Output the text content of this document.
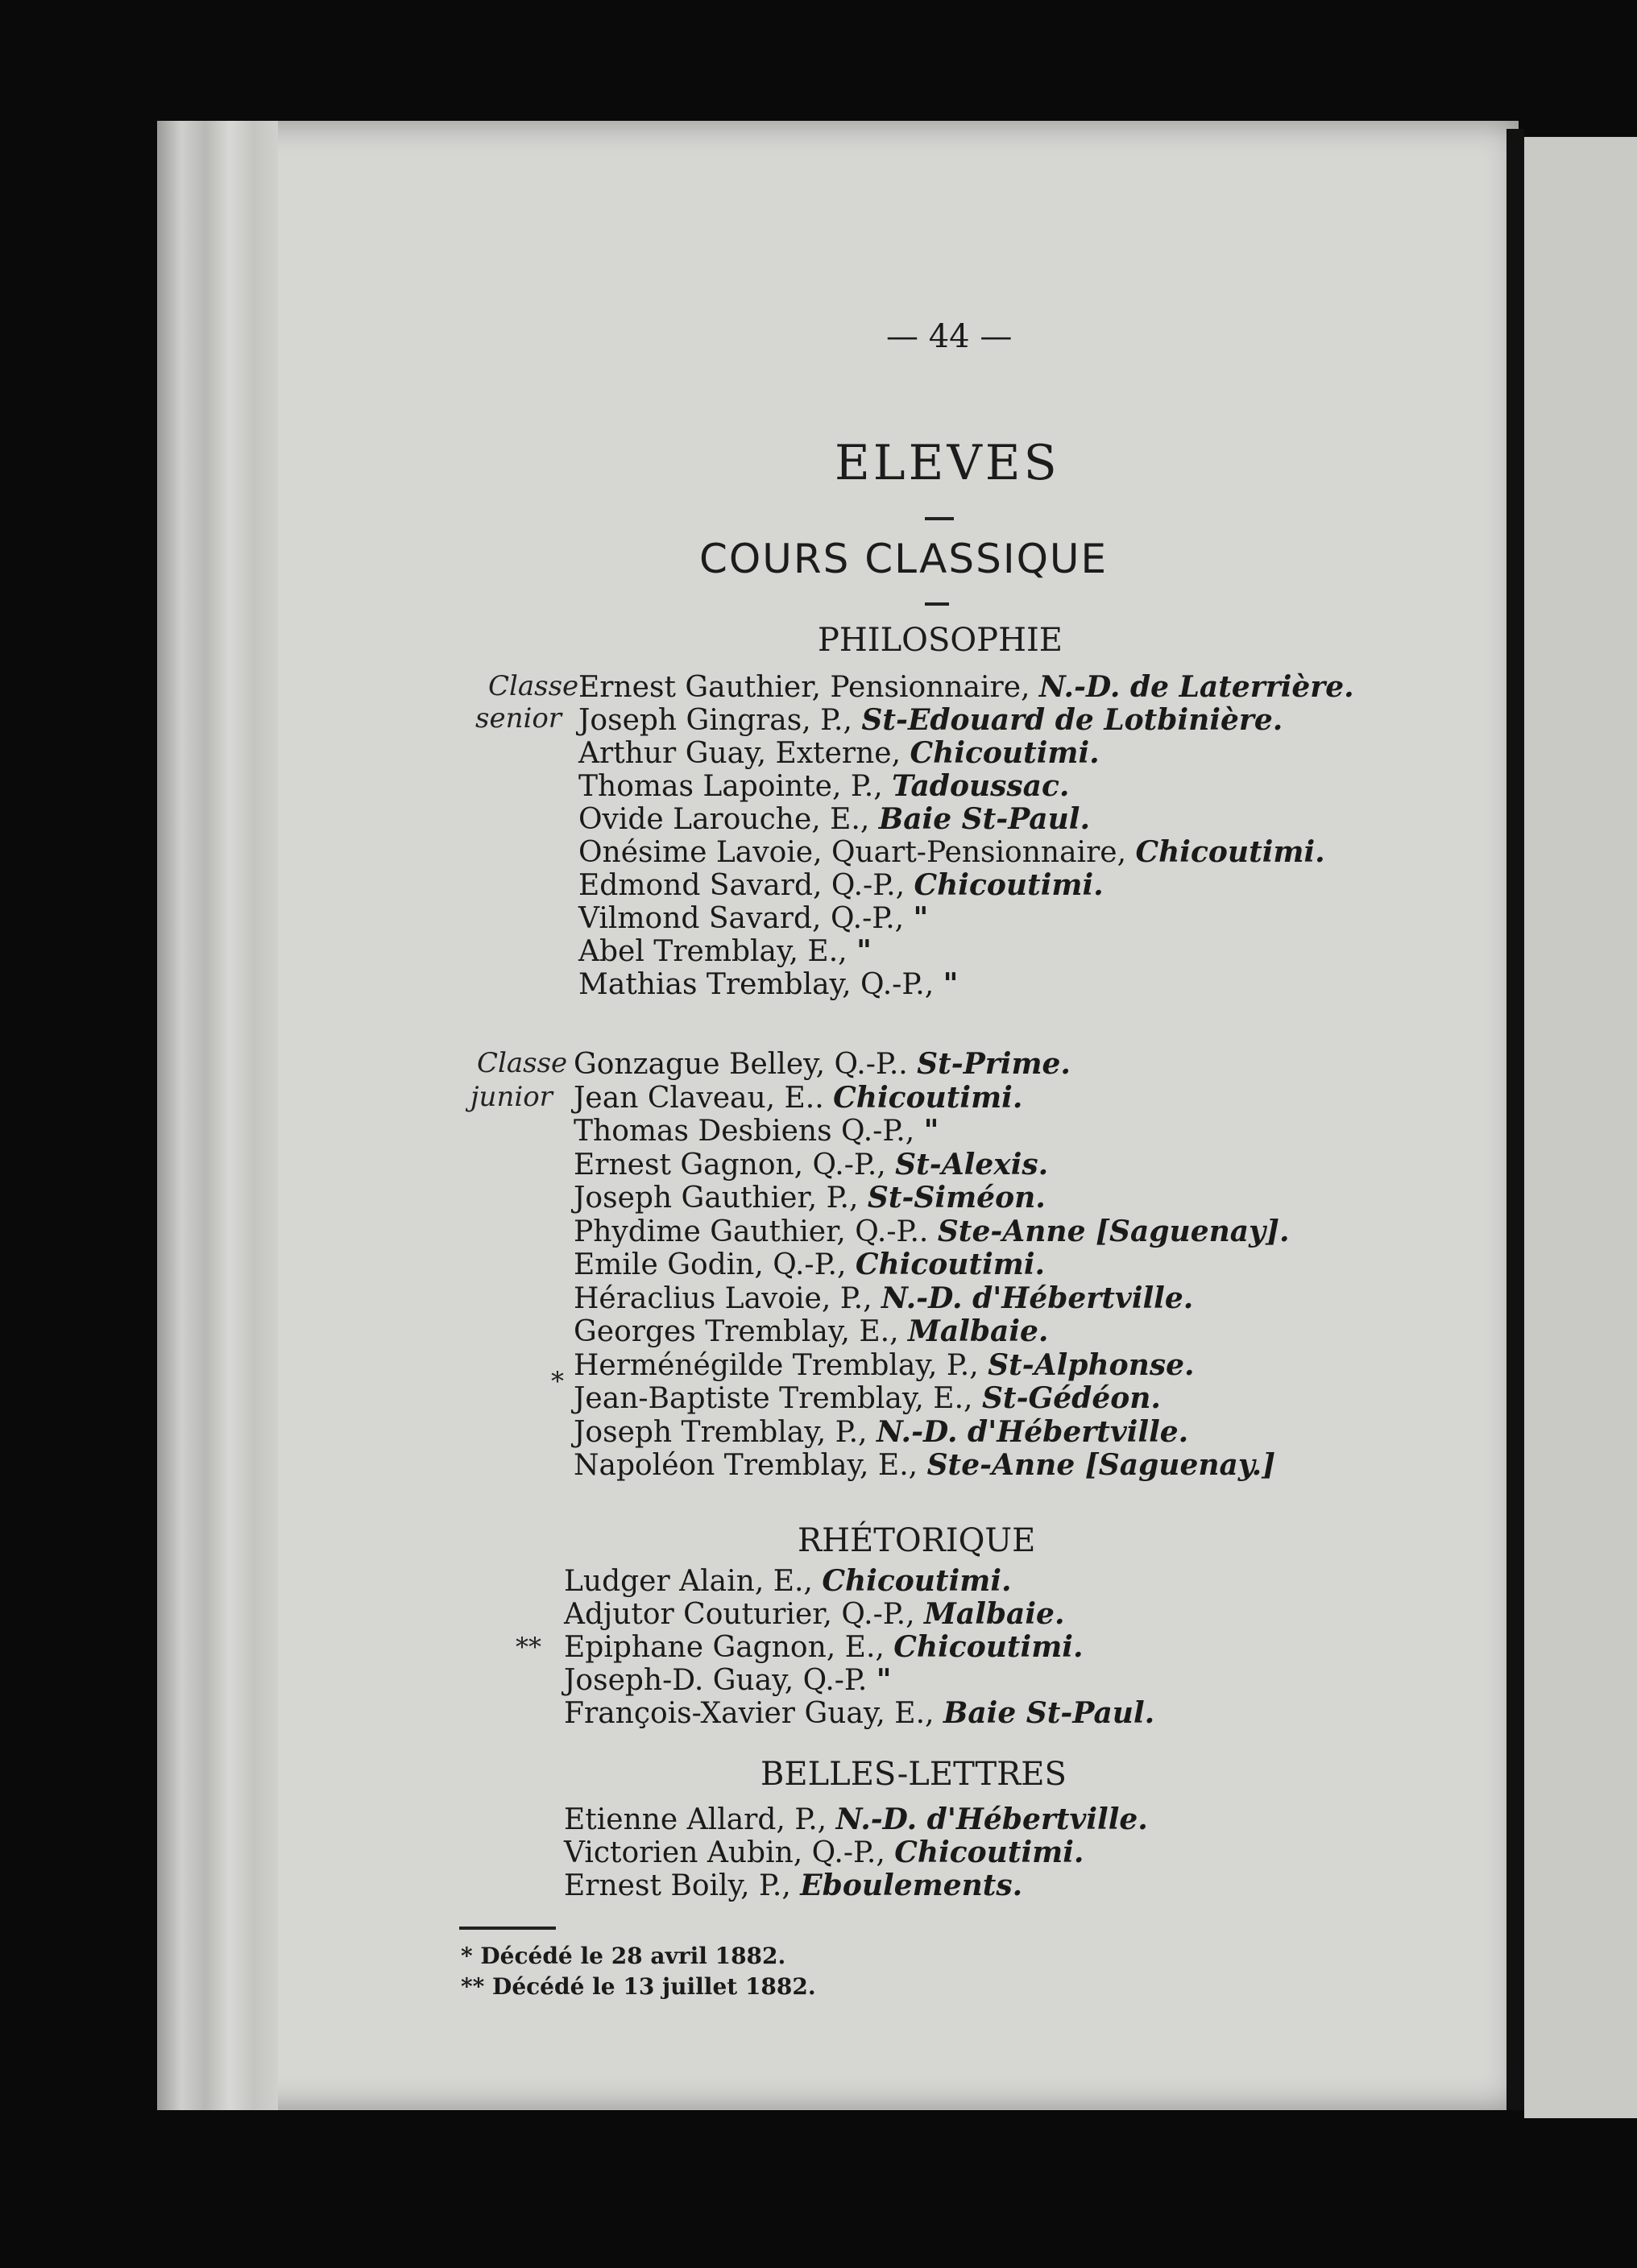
— 44 —
ELEVES
COURS CLASSIQUE
PHILOSOPHIE
Classe
senior
Ernest Gauthier, Pensionnaire, N.-D. de Laterrière.
Joseph Gingras, P., St-Edouard de Lotbinière.
Arthur Guay, Externe, Chicoutimi.
Thomas Lapointe, P., Tadoussac.
Ovide Larouche, E., Baie St-Paul.
Onésime Lavoie, Quart-Pensionnaire, Chicoutimi.
Edmond Savard, Q.-P., Chicoutimi.
Vilmond Savard, Q.-P., "
Abel Tremblay, E., "
Mathias Tremblay, Q.-P., "
Classe
junior
Gonzague Belley, Q.-P.. St-Prime.
Jean Claveau, E.. Chicoutimi.
Thomas Desbiens Q.-P., "
Ernest Gagnon, Q.-P., St-Alexis.
Joseph Gauthier, P., St-Siméon.
Phydime Gauthier, Q.-P.. Ste-Anne [Saguenay].
Emile Godin, Q.-P., Chicoutimi.
Héraclius Lavoie, P., N.-D. d'Hébertville.
Georges Tremblay, E., Malbaie.
Herménégilde Tremblay, P., St-Alphonse.
Jean-Baptiste Tremblay, E., St-Gédéon.
Joseph Tremblay, P., N.-D. d'Hébertville.
Napoléon Tremblay, E., Ste-Anne [Saguenay.]
*
RHÉTORIQUE
Ludger Alain, E., Chicoutimi.
Adjutor Couturier, Q.-P., Malbaie.
Epiphane Gagnon, E., Chicoutimi.
Joseph-D. Guay, Q.-P. "
François-Xavier Guay, E., Baie St-Paul.
**
BELLES-LETTRES
Etienne Allard, P., N.-D. d'Hébertville.
Victorien Aubin, Q.-P., Chicoutimi.
Ernest Boily, P., Eboulements.
* Décédé le 28 avril 1882.
** Décédé le 13 juillet 1882.
